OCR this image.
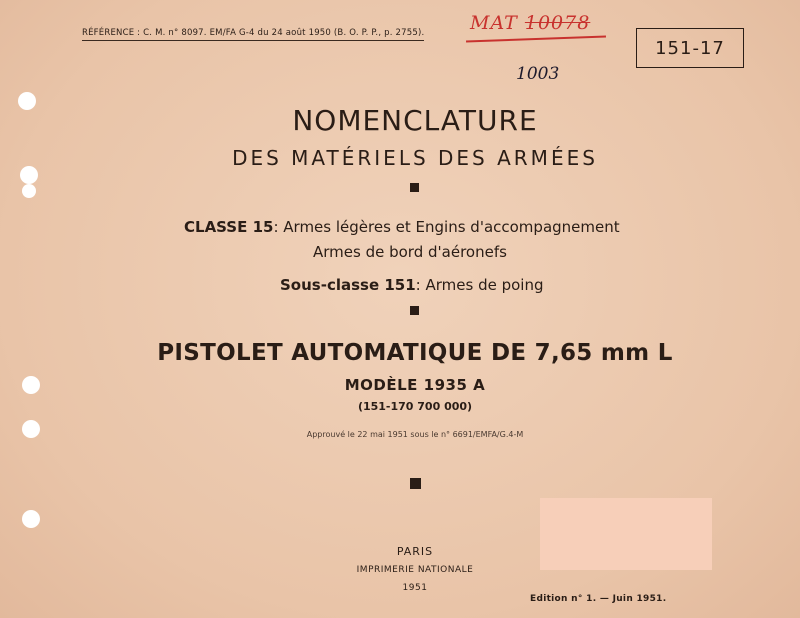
RÉFÉRENCE : C. M. n° 8097. EM/FA G-4 du 24 août 1950 (B. O. P. P., p. 2755). MAT 10078
1003
151-17
NOMENCLATURE
DES MATÉRIELS DES ARMÉES
CLASSE 15: Armes légères et Engins d'accompagnement
Armes de bord d'aéronefs
Sous-classe 151: Armes de poing
PISTOLET AUTOMATIQUE DE 7,65 mm L
MODÈLE 1935 A
(151-170 700 000)
Approuvé le 22 mai 1951 sous le n° 6691/EMFA/G.4-M
PARIS
IMPRIMERIE NATIONALE
1951
Edition n° 1. — Juin 1951.
